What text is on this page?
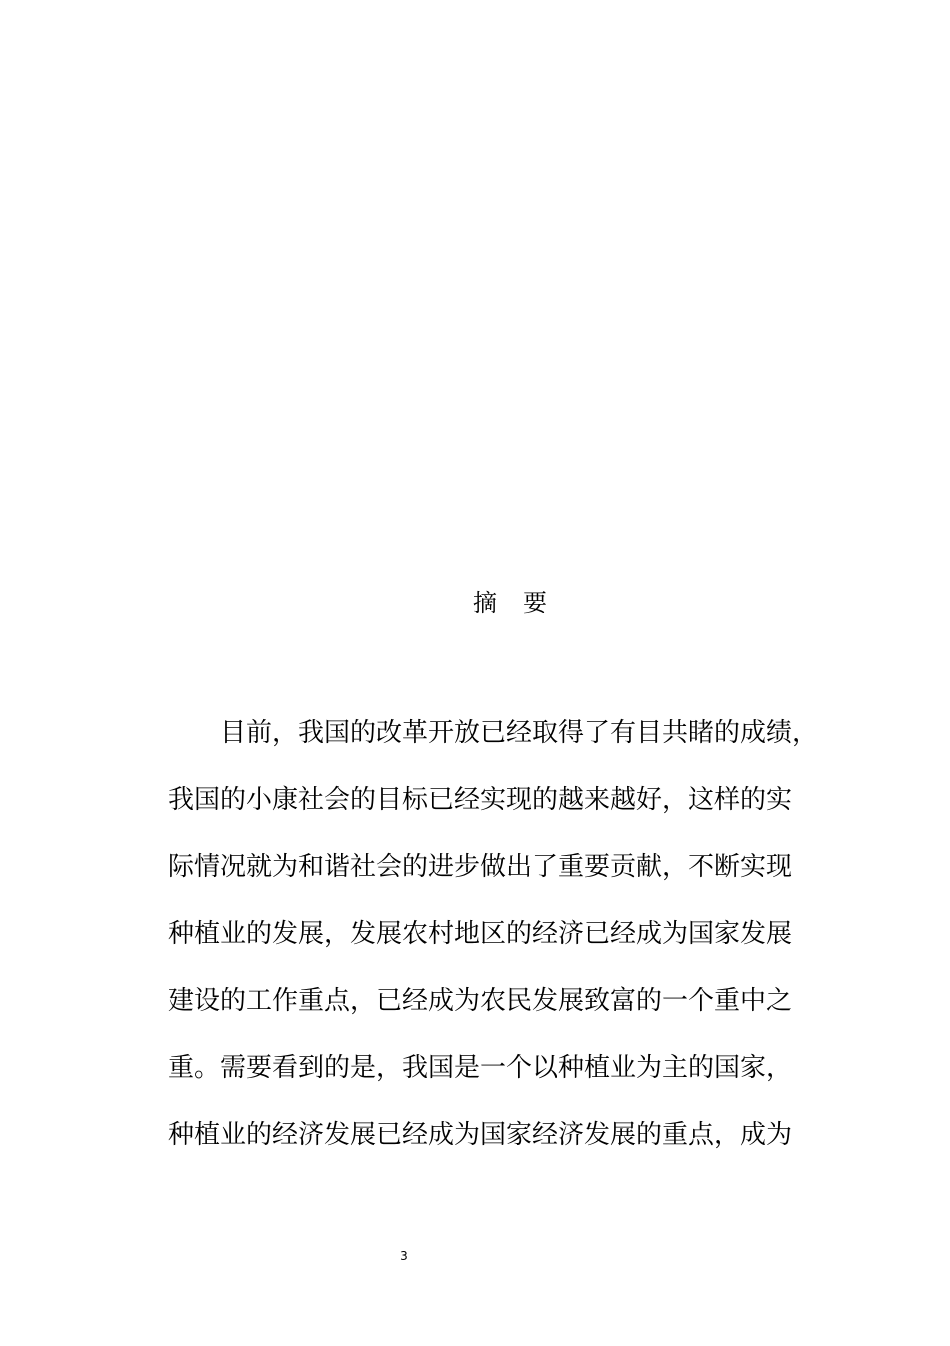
摘 要
目前，我国的改革开放已经取得了有目共睹的成绩，
我国的小康社会的目标已经实现的越来越好，这样的实
际情况就为和谐社会的进步做出了重要贡献，不断实现
种植业的发展，发展农村地区的经济已经成为国家发展
建设的工作重点，已经成为农民发展致富的一个重中之
重。需要看到的是，我国是一个以种植业为主的国家，
种植业的经济发展已经成为国家经济发展的重点，成为
3
